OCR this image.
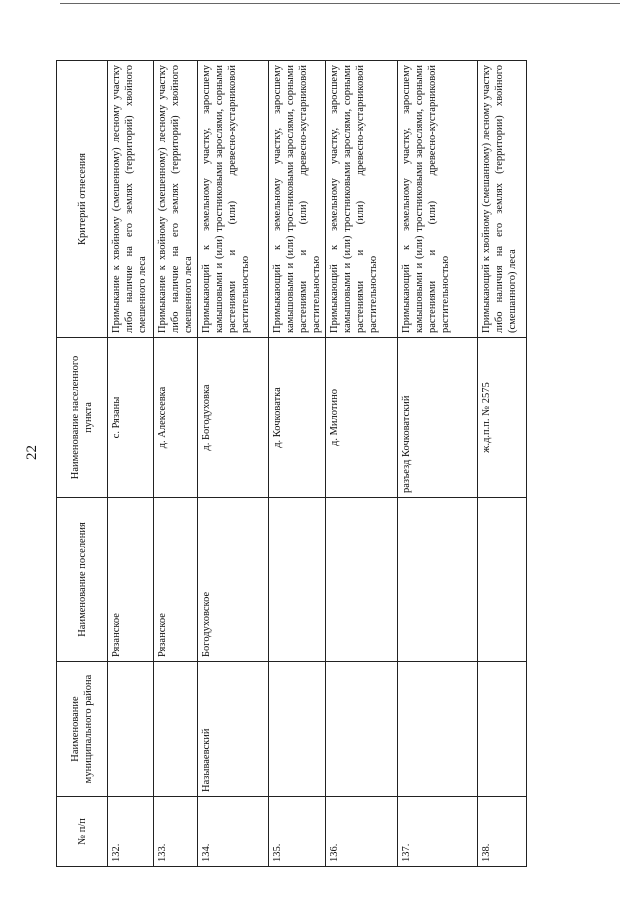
22
№ п/п	Наименование муниципального района	Наименование поселения	Наименование населенного пункта	Критерий отнесения
132.		Рязанское	с. Рязаны	Примыкание к хвойному (смешенному) лесному участку либо наличие на его землях (территорий) хвойного смешенного леса
133.		Рязанское	д. Алексеевка	Примыкание к хвойному (смешенному) лесному участку либо наличие на его землях (территорий) хвойного смешенного леса
134.	Называевский	Богодуховское	д. Богодуховка	Примыкающий к земельному участку, заросшему камышовыми и (или) тростниковыми зарослями, сорными растениями и (или) древесно-кустарниковой растительностью
135.			д. Кочковатка	Примыкающий к земельному участку, заросшему камышовыми и (или) тростниковыми зарослями, сорными растениями и (или) древесно-кустарниковой растительностью
136.			д. Милотино	Примыкающий к земельному участку, заросшему камышовыми и (или) тростниковыми зарослями, сорными растениями и (или) древесно-кустарниковой растительностью
137.			разъезд Кочковатский	Примыкающий к земельному участку, заросшему камышовыми и (или) тростниковыми зарослями, сорными растениями и (или) древесно-кустарниковой растительностью
138.			ж.д.п.п. № 2575	Примыкающий к хвойному (смешанному) лесному участку либо наличия на его землях (территории) хвойного (смешанного) леса
